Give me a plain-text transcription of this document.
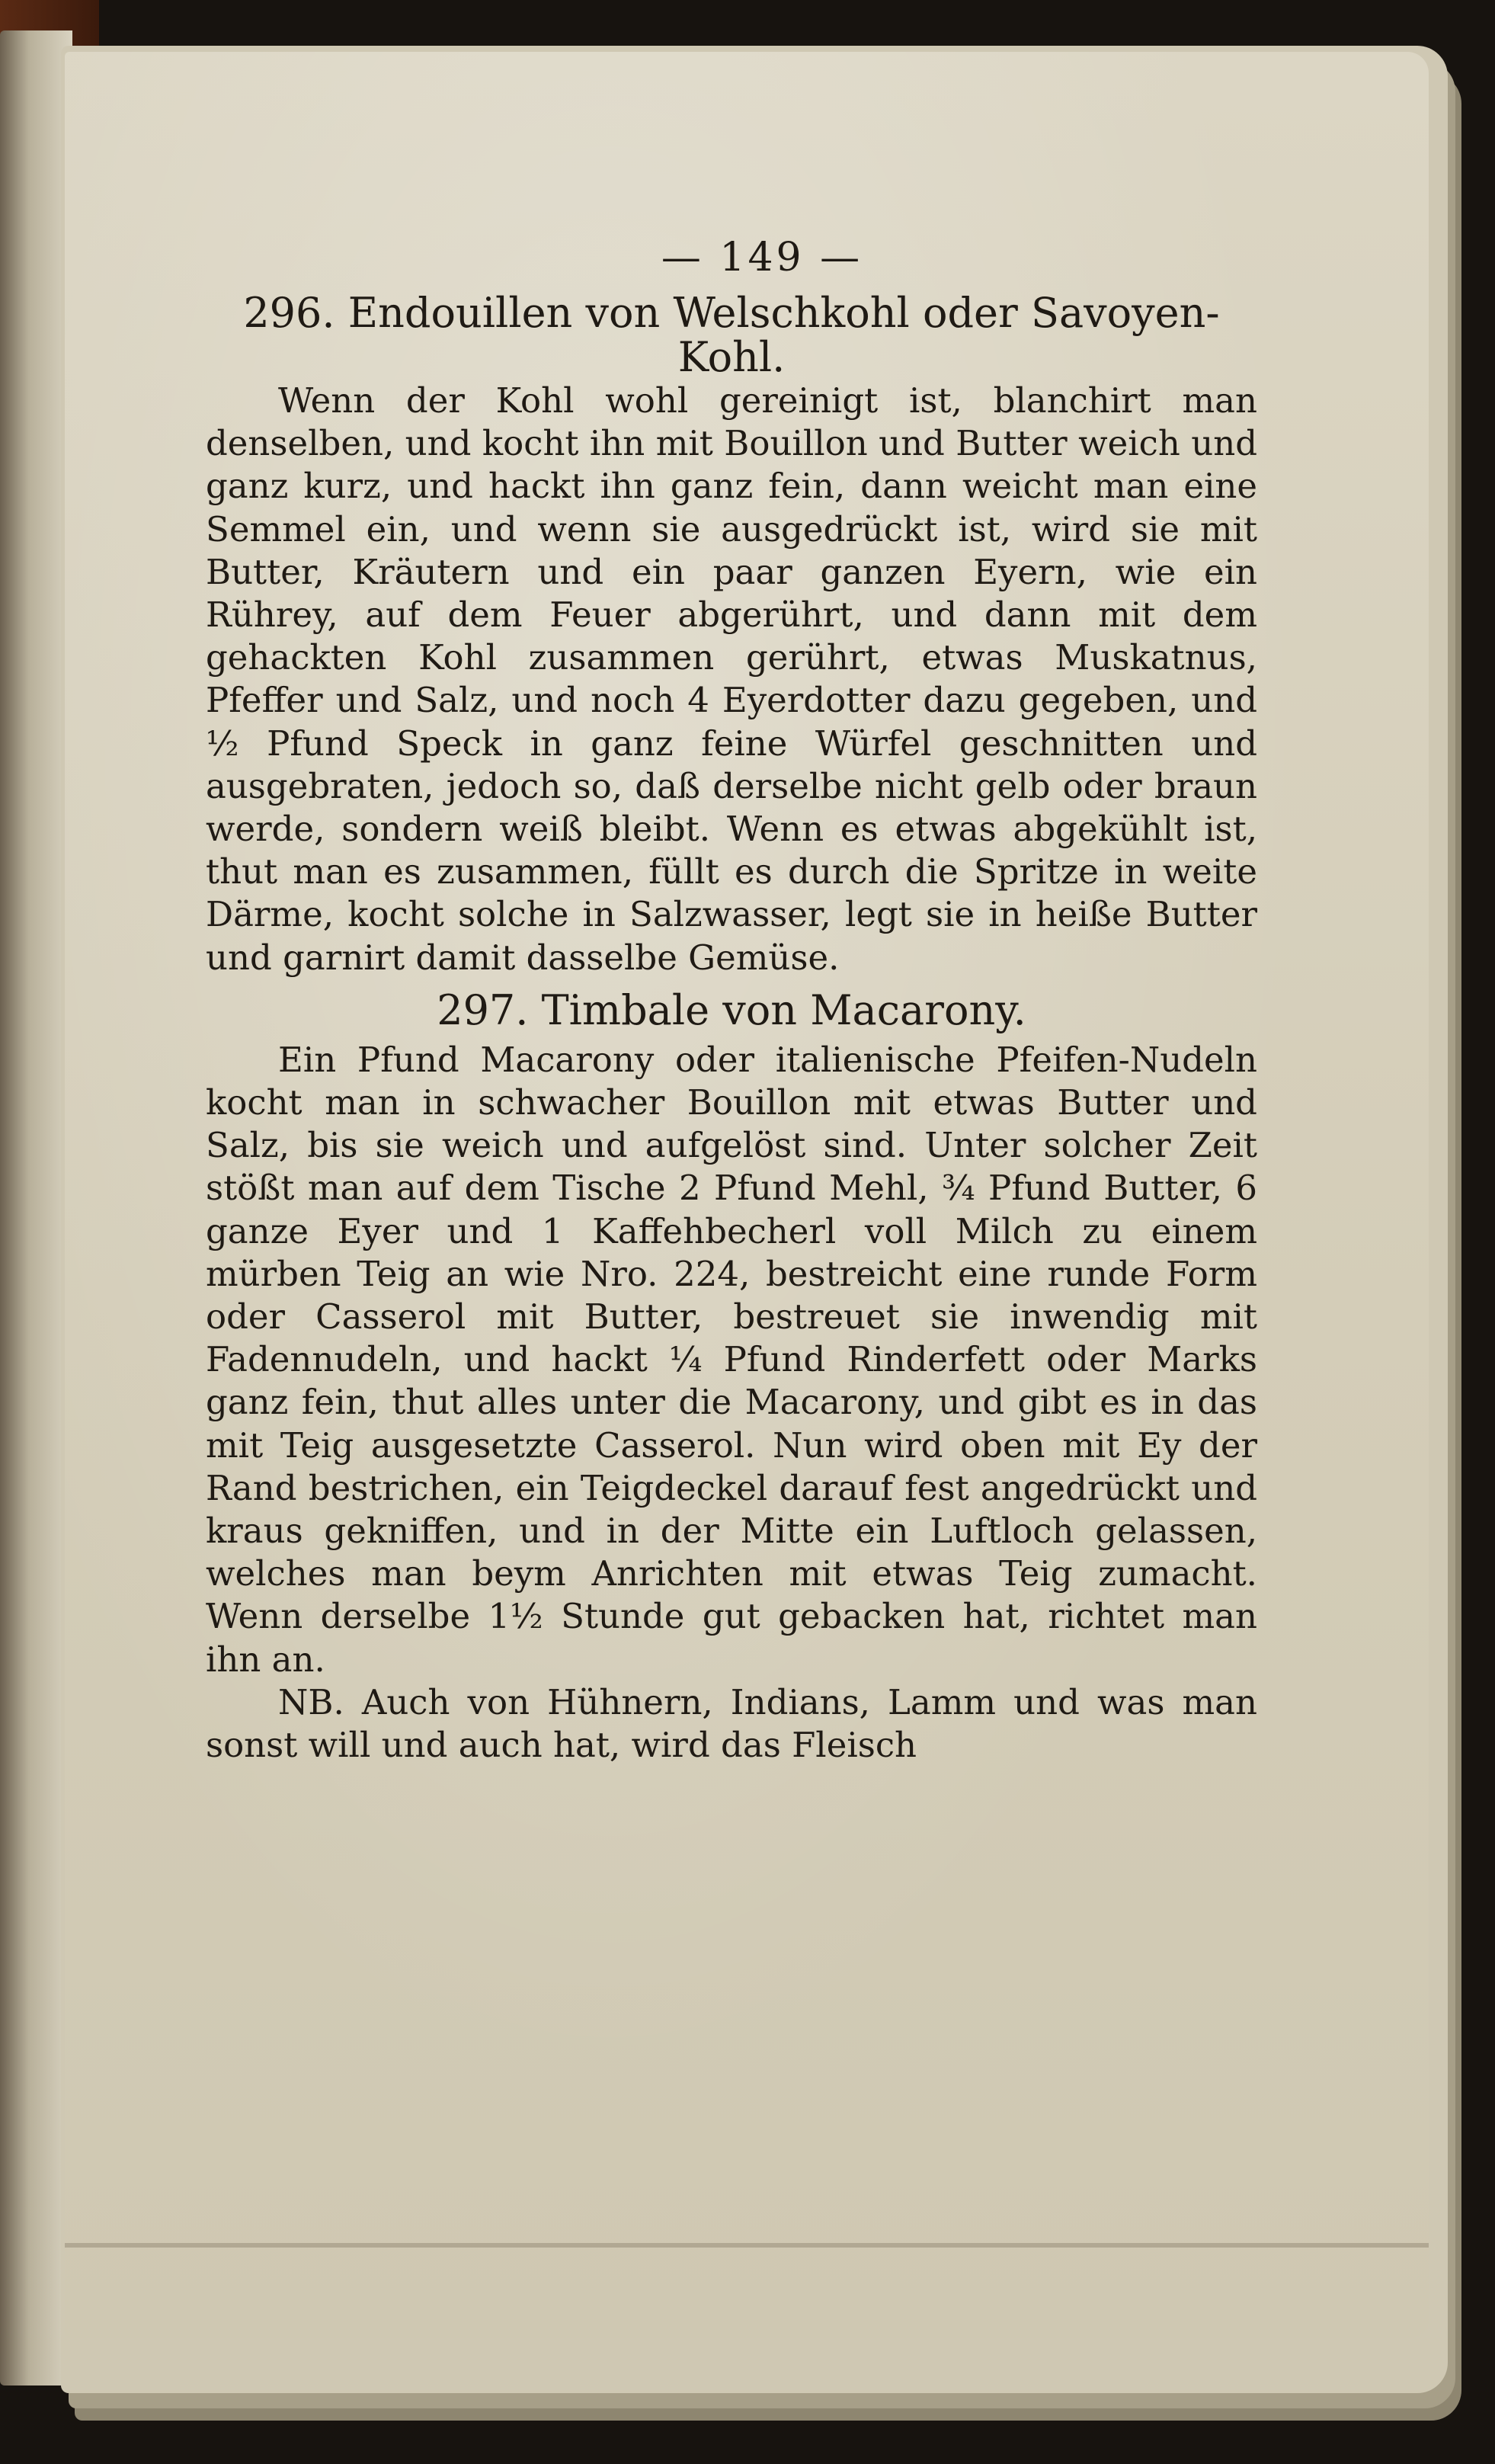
— 149 —
296. Endouillen von Welschkohl oder Savoyen-Kohl.

Wenn der Kohl wohl gereinigt ist, blanchirt man denselben, und kocht ihn mit Bouillon und Butter weich und ganz kurz, und hackt ihn ganz fein, dann weicht man eine Semmel ein, und wenn sie ausgedrückt ist, wird sie mit Butter, Kräutern und ein paar ganzen Eyern, wie ein Rührey, auf dem Feuer abgerührt, und dann mit dem gehackten Kohl zusammen gerührt, etwas Muskatnus, Pfeffer und Salz, und noch 4 Eyerdotter dazu gegeben, und ½ Pfund Speck in ganz feine Würfel geschnitten und ausgebraten, jedoch so, daß derselbe nicht gelb oder braun werde, sondern weiß bleibt. Wenn es etwas abgekühlt ist, thut man es zusammen, füllt es durch die Spritze in weite Därme, kocht solche in Salzwasser, legt sie in heiße Butter und garnirt damit dasselbe Gemüse.

297. Timbale von Macarony.

Ein Pfund Macarony oder italienische Pfeifen-Nudeln kocht man in schwacher Bouillon mit etwas Butter und Salz, bis sie weich und aufgelöst sind. Unter solcher Zeit stößt man auf dem Tische 2 Pfund Mehl, ¾ Pfund Butter, 6 ganze Eyer und 1 Kaffehbecherl voll Milch zu einem mürben Teig an wie Nro. 224, bestreicht eine runde Form oder Casserol mit Butter, bestreuet sie inwendig mit Fadennudeln, und hackt ¼ Pfund Rinderfett oder Marks ganz fein, thut alles unter die Macarony, und gibt es in das mit Teig ausgesetzte Casserol. Nun wird oben mit Ey der Rand bestrichen, ein Teigdeckel darauf fest angedrückt und kraus gekniffen, und in der Mitte ein Luftloch gelassen, welches man beym Anrichten mit etwas Teig zumacht. Wenn derselbe 1½ Stunde gut gebacken hat, richtet man ihn an.

NB. Auch von Hühnern, Indians, Lamm und was man sonst will und auch hat, wird das Fleisch
